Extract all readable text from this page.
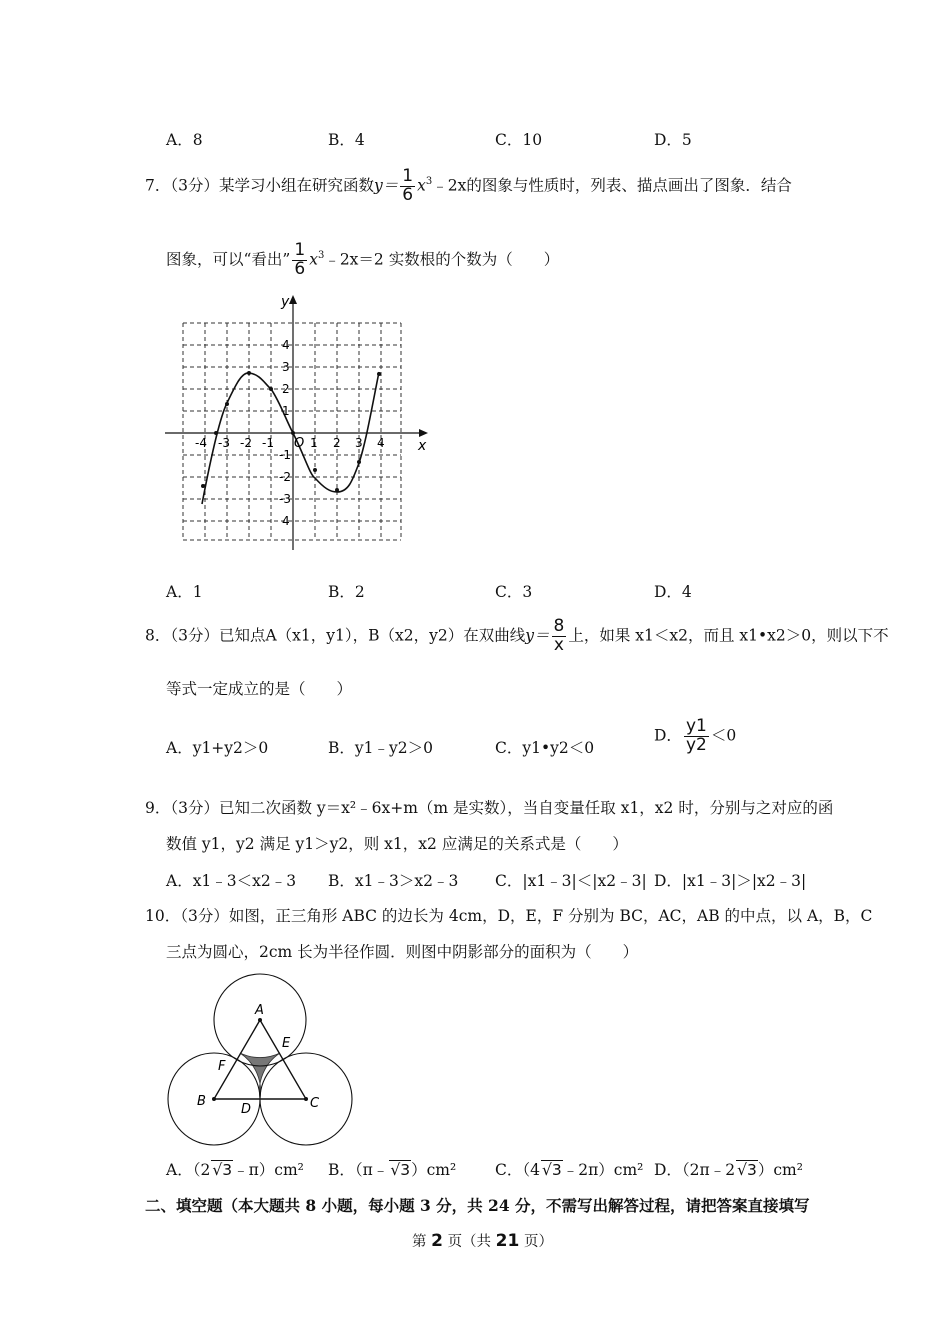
A．8	B．4	C．10	D．5
7．（3分）某学习小组在研究函数$y= \frac{1}{6}$ $x^3﹣2x$的图象与性质时，列表、描点画出了图象．结合
图象，可以“看出” $\frac{1}{6}$ $x^3﹣2x=2$ 实数根的个数为（　　）
y
x
O
-4 -3 -2 -1	1 2 3 4
4
3
2
1
-1
-2
-3
4
A．1	B．2	C．3	D．4
8．（3分）已知点A（x1，y1），B（x2，y2）在双曲线$y= \frac{8}{x}$ 上，如果 x1＜x2，而且 x1•x2＞0，则以下不
等式一定成立的是（　　）
A．y1+y2＞0	B．y1﹣y2＞0	C．y1•y2＜0
D． $\frac{y1}{y2} <0$
9．（3分）已知二次函数 y＝x²﹣6x+m（m 是实数），当自变量任取 x1，x2 时，分别与之对应的函
数值 y1，y2 满足 y1＞y2，则 x1，x2 应满足的关系式是（　　）
A．x1﹣3＜x2﹣3 B．x1﹣3＞x2﹣3 C．|x1﹣3|＜|x2﹣3| D．|x1﹣3|＞|x2﹣3|
10．（3分）如图，正三角形 ABC 的边长为 4cm，D，E，F 分别为 BC，AC，AB 的中点，以 A，B，C
三点为圆心，2cm 长为半径作圆．则图中阴影部分的面积为（　　）
A
B	C
D
E
F
A．（2 √3﹣π）cm² B．（π﹣ √3）cm²	C．（4 √3﹣2π）cm² D．（2π﹣2 √3）cm²
二、填空题（本大题共 8 小题，每小题 3 分，共 24 分，不需写出解答过程，请把答案直接填写
第 2 页（共 21 页）
